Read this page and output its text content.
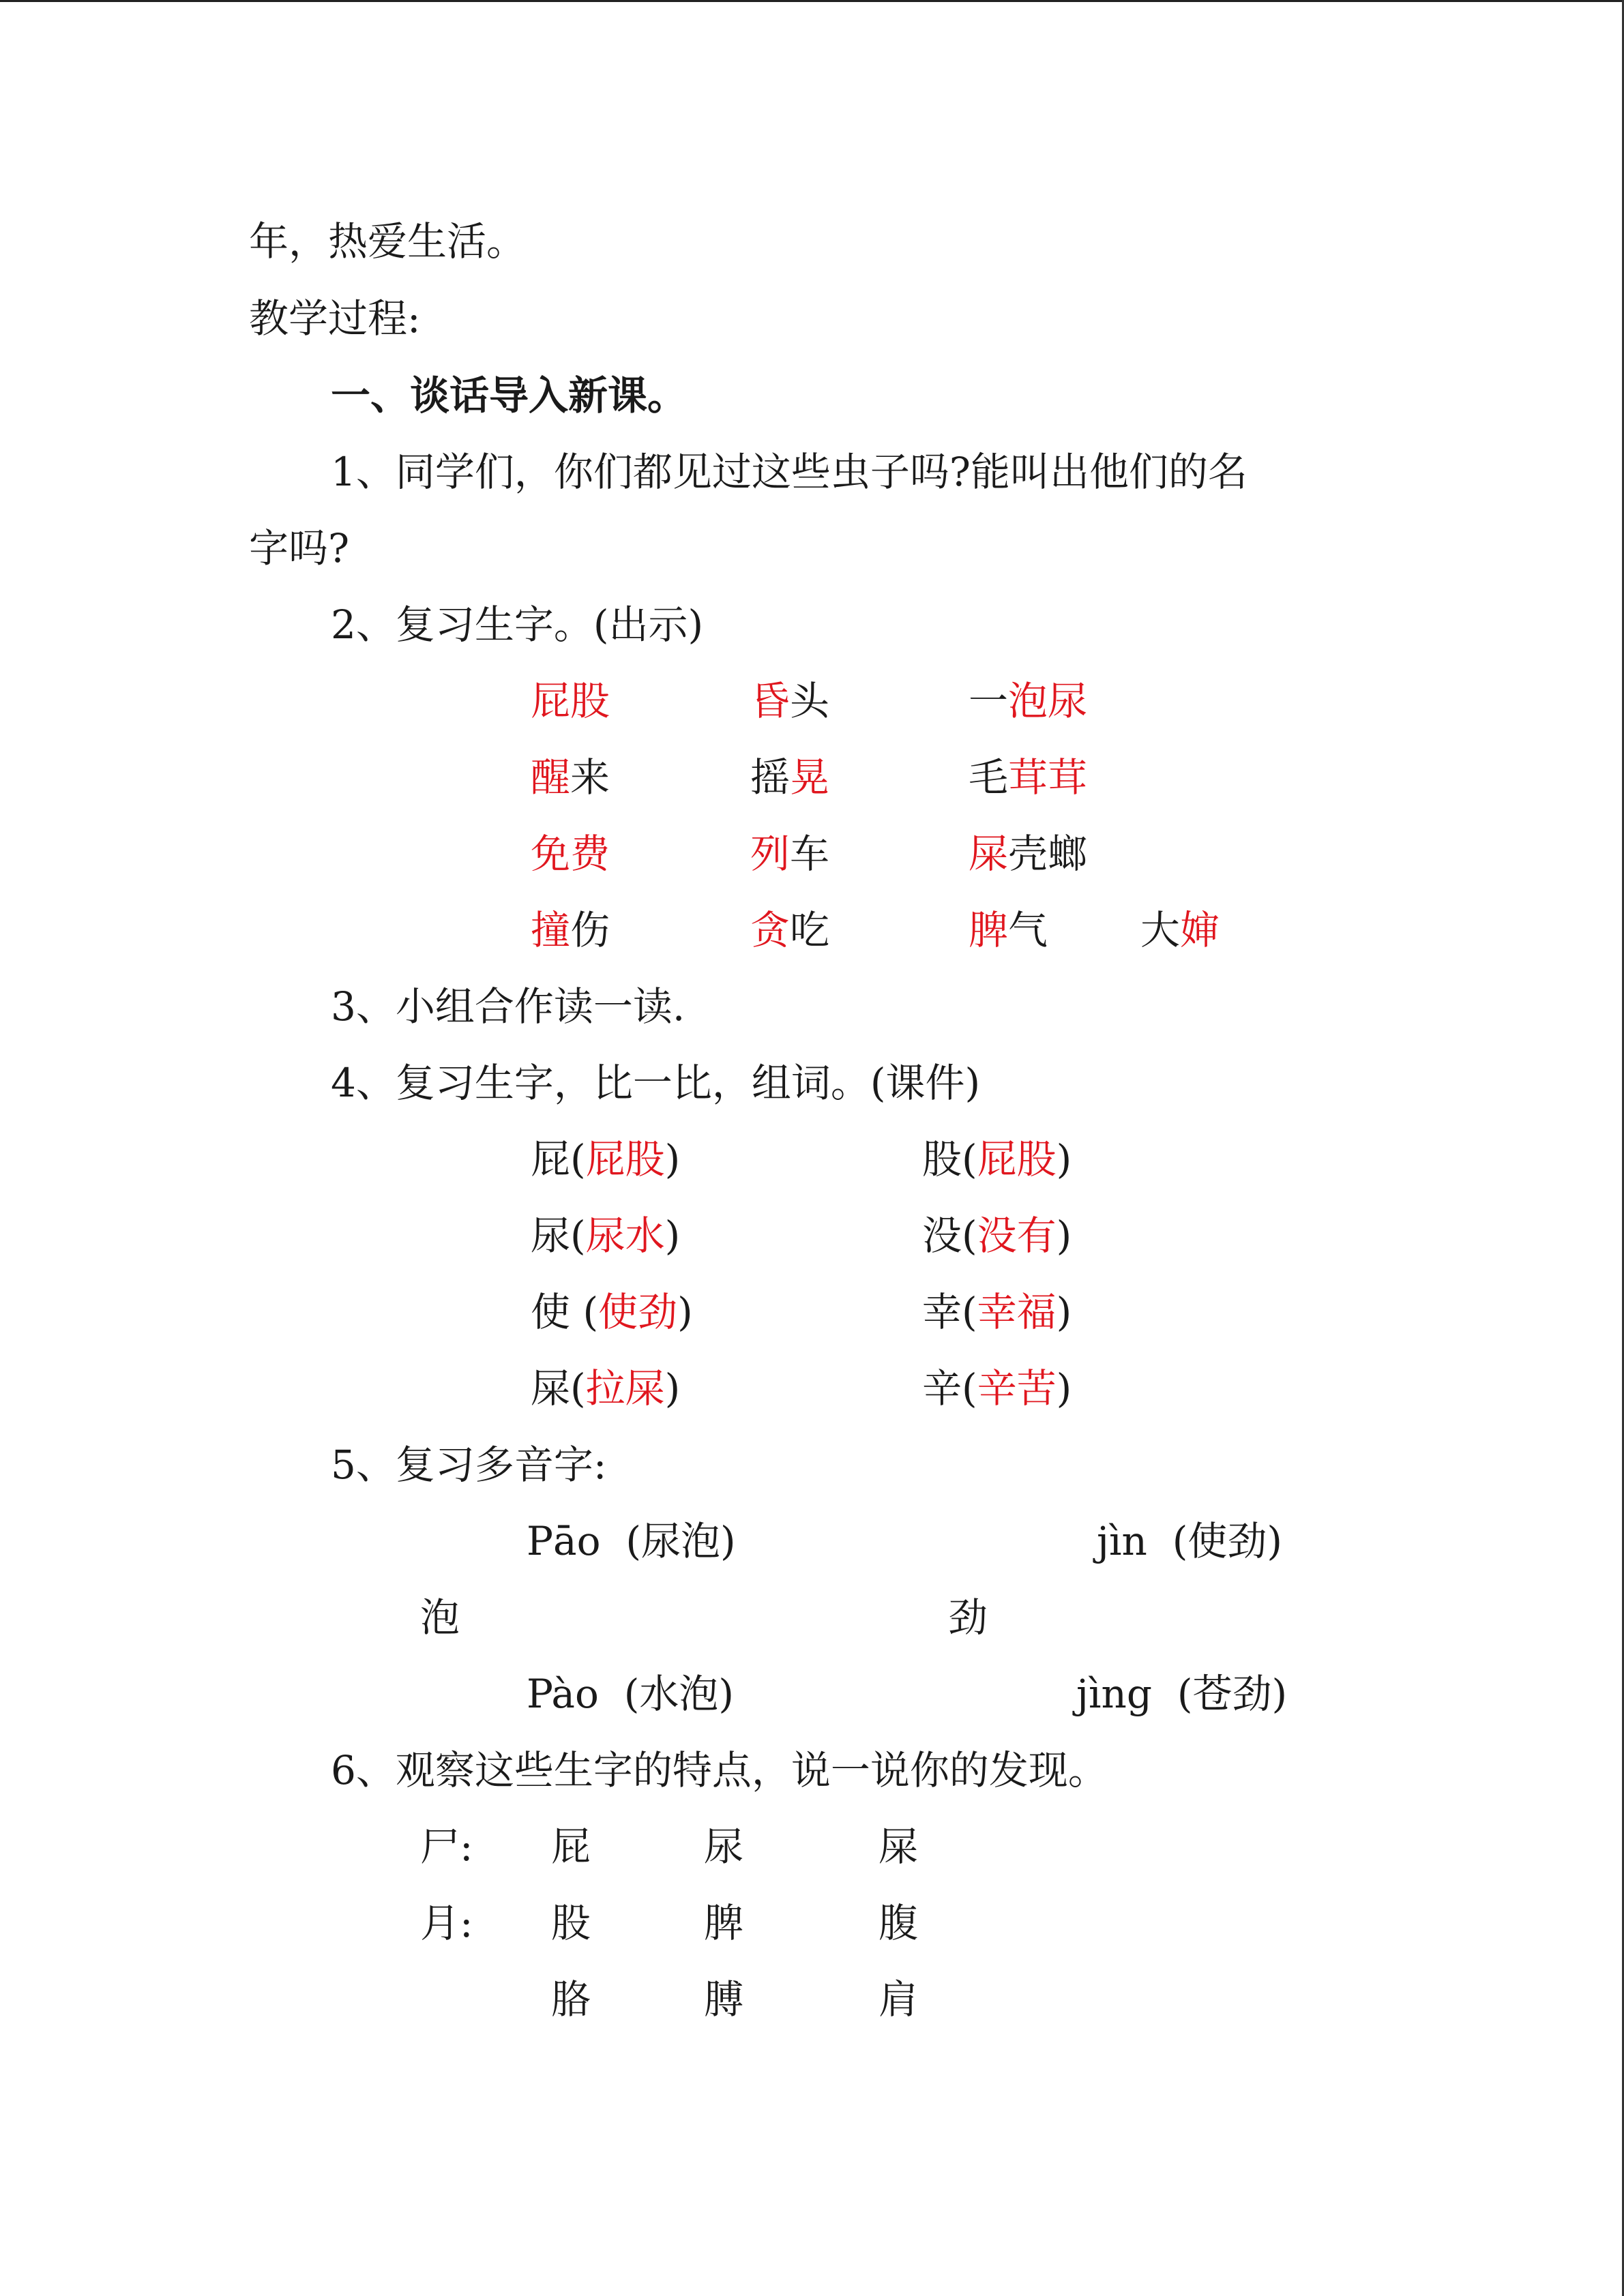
年，热爱生活。
教学过程:
一、谈话导入新课。
1、同学们，你们都见过这些虫子吗?能叫出他们的名
字吗?
2、复习生字。(出示)
屁股	昏头	一泡尿
醒来	摇晃	毛茸茸
免费	列车	屎壳螂
撞伤	贪吃	脾气 大婶
3、小组合作读一读.
4、复习生字，比一比，组词。(课件)
屁(屁股)	股(屁股)
尿(尿水)	没(没有)
使 (使劲)	幸(幸福)
屎(拉屎)	辛(辛苦)
5、复习多音字:
Pāo  (尿泡)	jìn  (使劲)
泡	劲
Pào  (水泡)	jìng  (苍劲)
6、观察这些生字的特点，说一说你的发现。
尸: 屁	尿	屎
月: 股	脾	腹
胳	膊	肩
